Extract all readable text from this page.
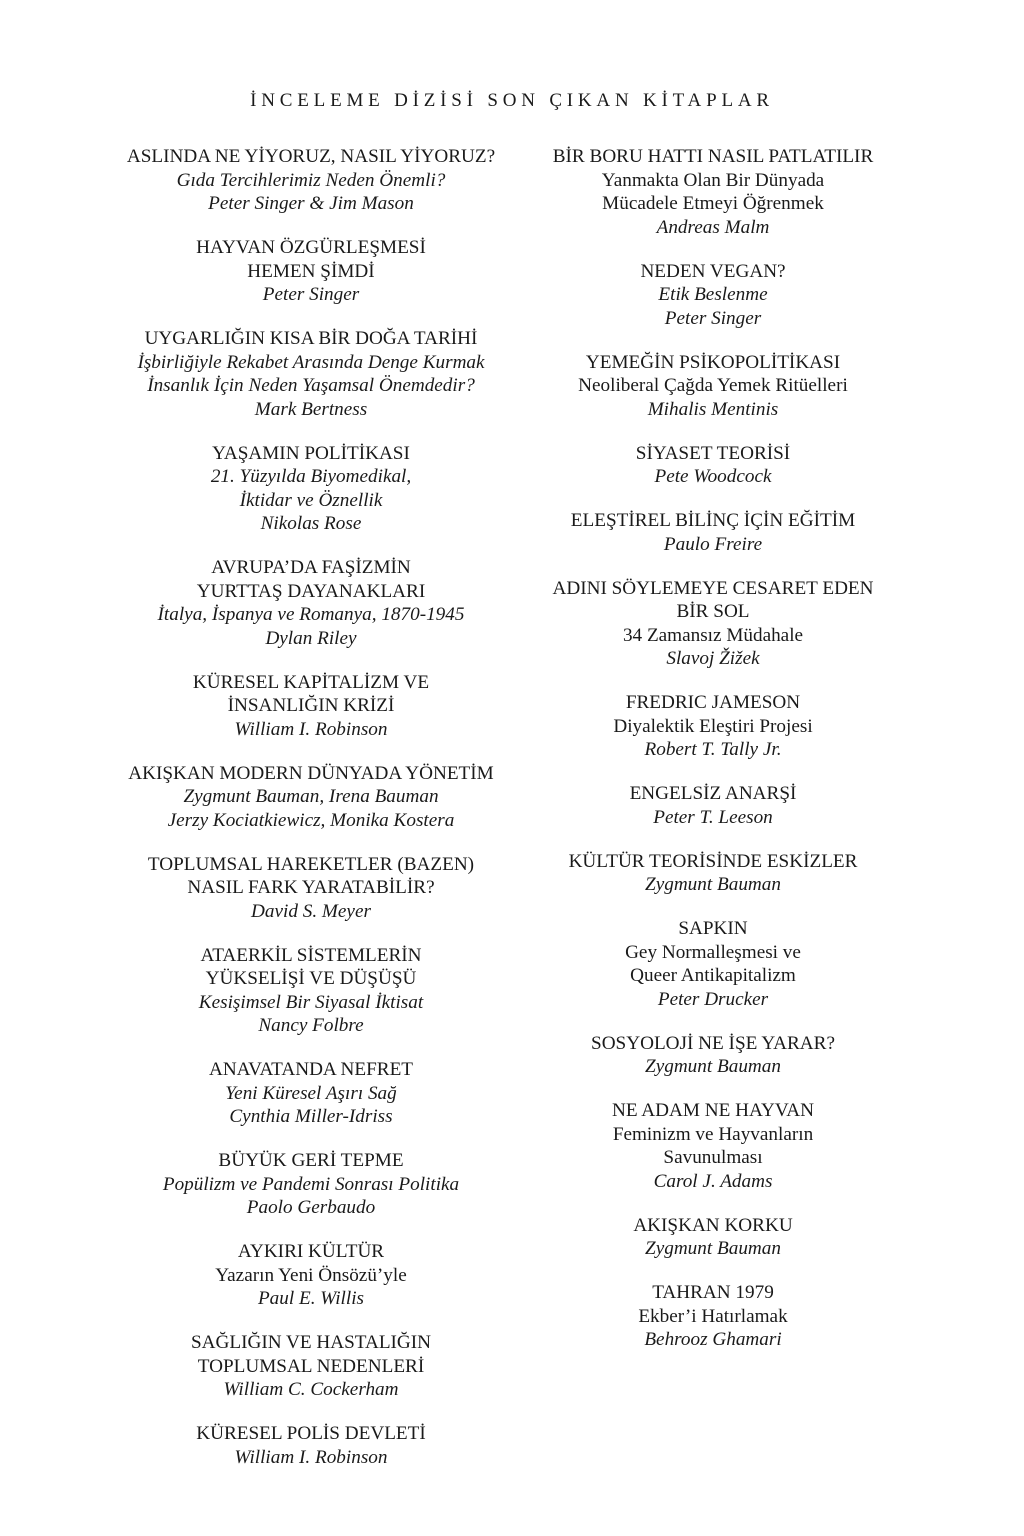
İNCELEME DİZİSİ SON ÇIKAN KİTAPLAR
ASLINDA NE YİYORUZ, NASIL YİYORUZ?
Gıda Tercihlerimiz Neden Önemli?
Peter Singer & Jim Mason
HAYVAN ÖZGÜRLEŞMESİ
HEMEN ŞİMDİ
Peter Singer
UYGARLIĞIN KISA BİR DOĞA TARİHİ
İşbirliğiyle Rekabet Arasında Denge Kurmak
İnsanlık İçin Neden Yaşamsal Önemdedir?
Mark Bertness
YAŞAMIN POLİTİKASI
21. Yüzyılda Biyomedikal,
İktidar ve Öznellik
Nikolas Rose
AVRUPA’DA FAŞİZMİN
YURTTAŞ DAYANAKLARI
İtalya, İspanya ve Romanya, 1870-1945
Dylan Riley
KÜRESEL KAPİTALİZM VE
İNSANLIĞIN KRİZİ
William I. Robinson
AKIŞKAN MODERN DÜNYADA YÖNETİM
Zygmunt Bauman, Irena Bauman
Jerzy Kociatkiewicz, Monika Kostera
TOPLUMSAL HAREKETLER (BAZEN)
NASIL FARK YARATABİLİR?
David S. Meyer
ATAERKİL SİSTEMLERİN
YÜKSELİŞİ VE DÜŞÜŞÜ
Kesişimsel Bir Siyasal İktisat
Nancy Folbre
ANAVATANDA NEFRET
Yeni Küresel Aşırı Sağ
Cynthia Miller-Idriss
BÜYÜK GERİ TEPME
Popülizm ve Pandemi Sonrası Politika
Paolo Gerbaudo
AYKIRI KÜLTÜR
Yazarın Yeni Önsözü’yle
Paul E. Willis
SAĞLIĞIN VE HASTALIĞIN
TOPLUMSAL NEDENLERİ
William C. Cockerham
KÜRESEL POLİS DEVLETİ
William I. Robinson
BİR BORU HATTI NASIL PATLATILIR
Yanmakta Olan Bir Dünyada
Mücadele Etmeyi Öğrenmek
Andreas Malm
NEDEN VEGAN?
Etik Beslenme
Peter Singer
YEMEĞİN PSİKOPOLİTİKASI
Neoliberal Çağda Yemek Ritüelleri
Mihalis Mentinis
SİYASET TEORİSİ
Pete Woodcock
ELEŞTİREL BİLİNÇ İÇİN EĞİTİM
Paulo Freire
ADINI SÖYLEMEYE CESARET EDEN
BİR SOL
34 Zamansız Müdahale
Slavoj Žižek
FREDRIC JAMESON
Diyalektik Eleştiri Projesi
Robert T. Tally Jr.
ENGELSİZ ANARŞİ
Peter T. Leeson
KÜLTÜR TEORİSİNDE ESKİZLER
Zygmunt Bauman
SAPKIN
Gey Normalleşmesi ve
Queer Antikapitalizm
Peter Drucker
SOSYOLOJİ NE İŞE YARAR?
Zygmunt Bauman
NE ADAM NE HAYVAN
Feminizm ve Hayvanların
Savunulması
Carol J. Adams
AKIŞKAN KORKU
Zygmunt Bauman
TAHRAN 1979
Ekber’i Hatırlamak
Behrooz Ghamari
